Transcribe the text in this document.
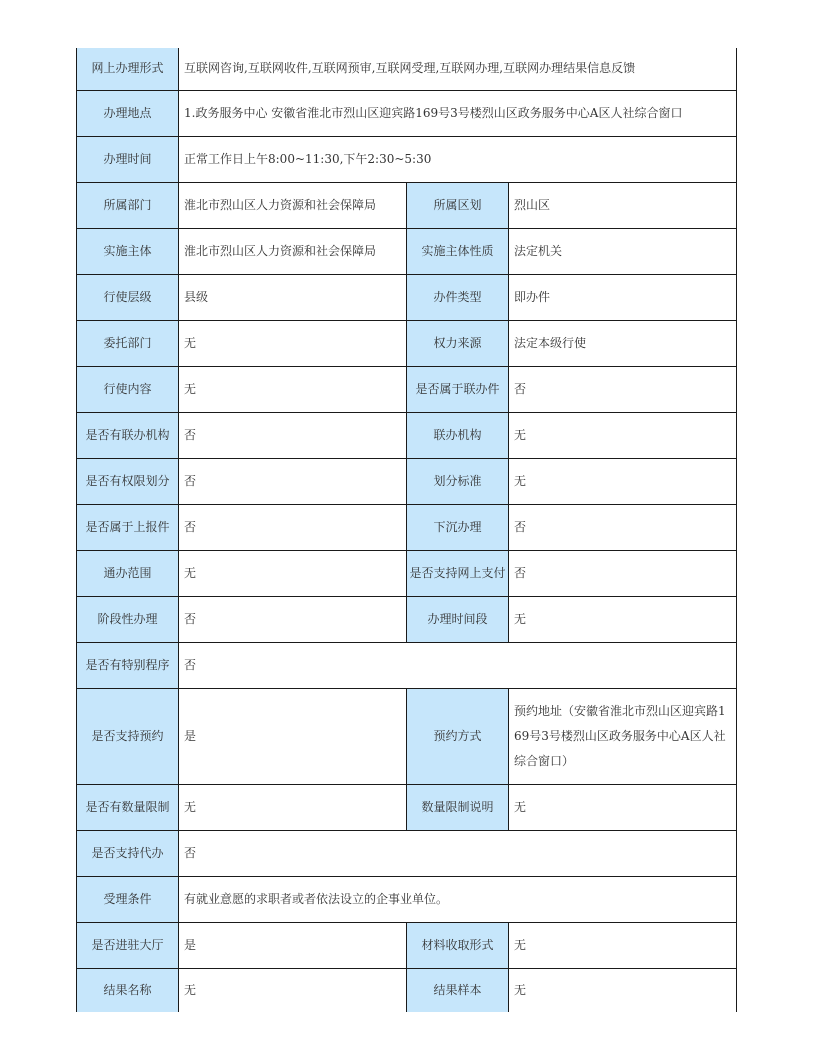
网上办理形式	互联网咨询,互联网收件,互联网预审,互联网受理,互联网办理,互联网办理结果信息反馈		
办理地点	1.政务服务中心 安徽省淮北市烈山区迎宾路169号3号楼烈山区政务服务中心A区人社综合窗口		
办理时间	正常工作日上午8:00~11:30,下午2:30~5:30		
所属部门	淮北市烈山区人力资源和社会保障局	所属区划	烈山区
实施主体	淮北市烈山区人力资源和社会保障局	实施主体性质	法定机关
行使层级	县级	办件类型	即办件
委托部门	无	权力来源	法定本级行使
行使内容	无	是否属于联办件	否
是否有联办机构	否	联办机构	无
是否有权限划分	否	划分标准	无
是否属于上报件	否	下沉办理	否
通办范围	无	是否支持网上支付	否
阶段性办理	否	办理时间段	无
是否有特别程序	否		
是否支持预约	是	预约方式	预约地址（安徽省淮北市烈山区迎宾路169号3号楼烈山区政务服务中心A区人社综合窗口）
是否有数量限制	无	数量限制说明	无
是否支持代办	否		
受理条件	有就业意愿的求职者或者依法设立的企事业单位。		
是否进驻大厅	是	材料收取形式	无
结果名称	无	结果样本	无
